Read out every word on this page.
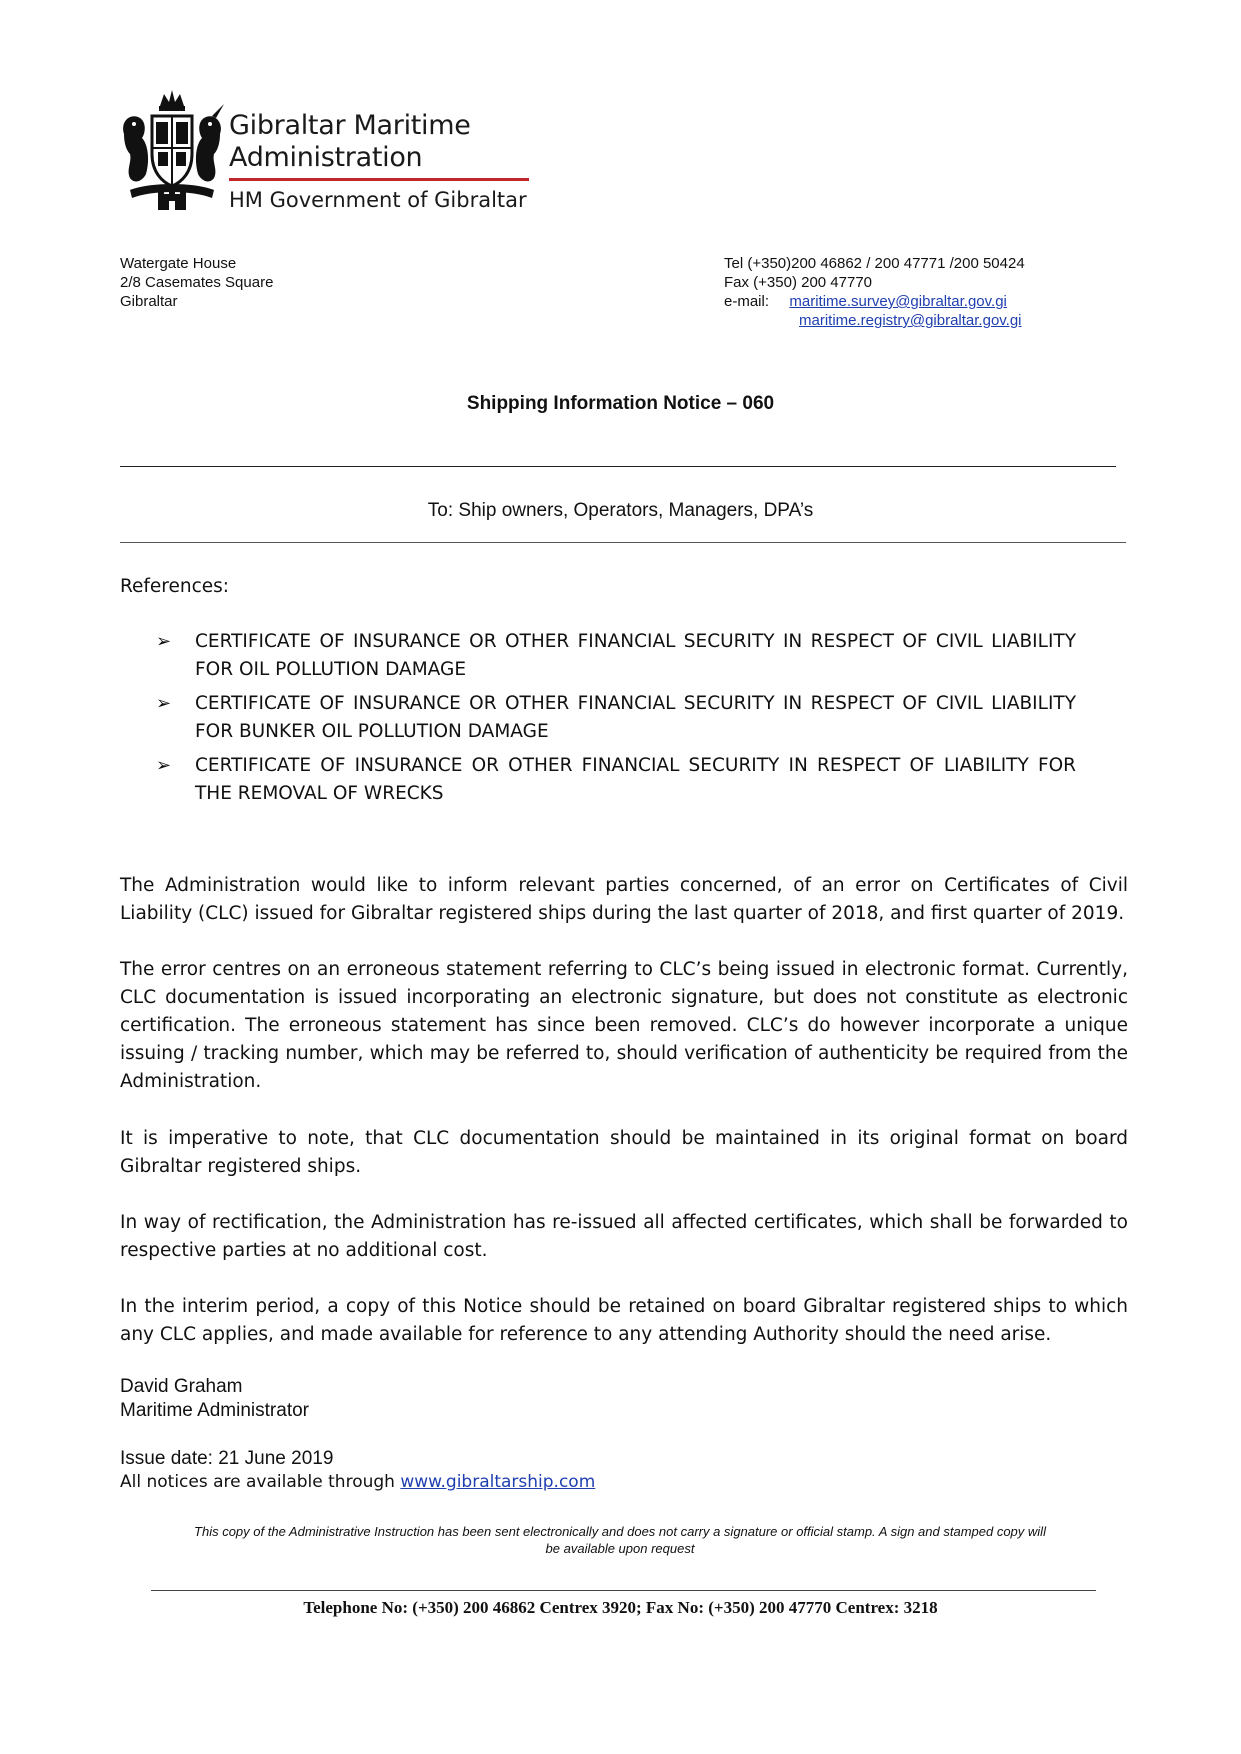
Gibraltar Maritime
Administration
HM Government of Gibraltar
Watergate House
2/8 Casemates Square
Gibraltar
Tel (+350)200 46862 / 200 47771 /200 50424
Fax (+350) 200 47770
e-mail: maritime.survey@gibraltar.gov.gi
maritime.registry@gibraltar.gov.gi
Shipping Information Notice – 060
To: Ship owners, Operators, Managers, DPA’s
References:
➢ CERTIFICATE OF INSURANCE OR OTHER FINANCIAL SECURITY IN RESPECT OF CIVIL LIABILITY FOR OIL POLLUTION DAMAGE
➢ CERTIFICATE OF INSURANCE OR OTHER FINANCIAL SECURITY IN RESPECT OF CIVIL LIABILITY FOR BUNKER OIL POLLUTION DAMAGE
➢ CERTIFICATE OF INSURANCE OR OTHER FINANCIAL SECURITY IN RESPECT OF LIABILITY FOR THE REMOVAL OF WRECKS

The Administration would like to inform relevant parties concerned, of an error on Certificates of Civil Liability (CLC) issued for Gibraltar registered ships during the last quarter of 2018, and first quarter of 2019.

The error centres on an erroneous statement referring to CLC’s being issued in electronic format. Currently, CLC documentation is issued incorporating an electronic signature, but does not constitute as electronic certification. The erroneous statement has since been removed. CLC’s do however incorporate a unique issuing / tracking number, which may be referred to, should verification of authenticity be required from the Administration.

It is imperative to note, that CLC documentation should be maintained in its original format on board Gibraltar registered ships.

In way of rectification, the Administration has re-issued all affected certificates, which shall be forwarded to respective parties at no additional cost.

In the interim period, a copy of this Notice should be retained on board Gibraltar registered ships to which any CLC applies, and made available for reference to any attending Authority should the need arise.

David Graham
Maritime Administrator
Issue date: 21 June 2019
All notices are available through www.gibraltarship.com
This copy of the Administrative Instruction has been sent electronically and does not carry a signature or official stamp. A sign and stamped copy will be available upon request
Telephone No: (+350) 200 46862 Centrex 3920; Fax No: (+350) 200 47770 Centrex: 3218
